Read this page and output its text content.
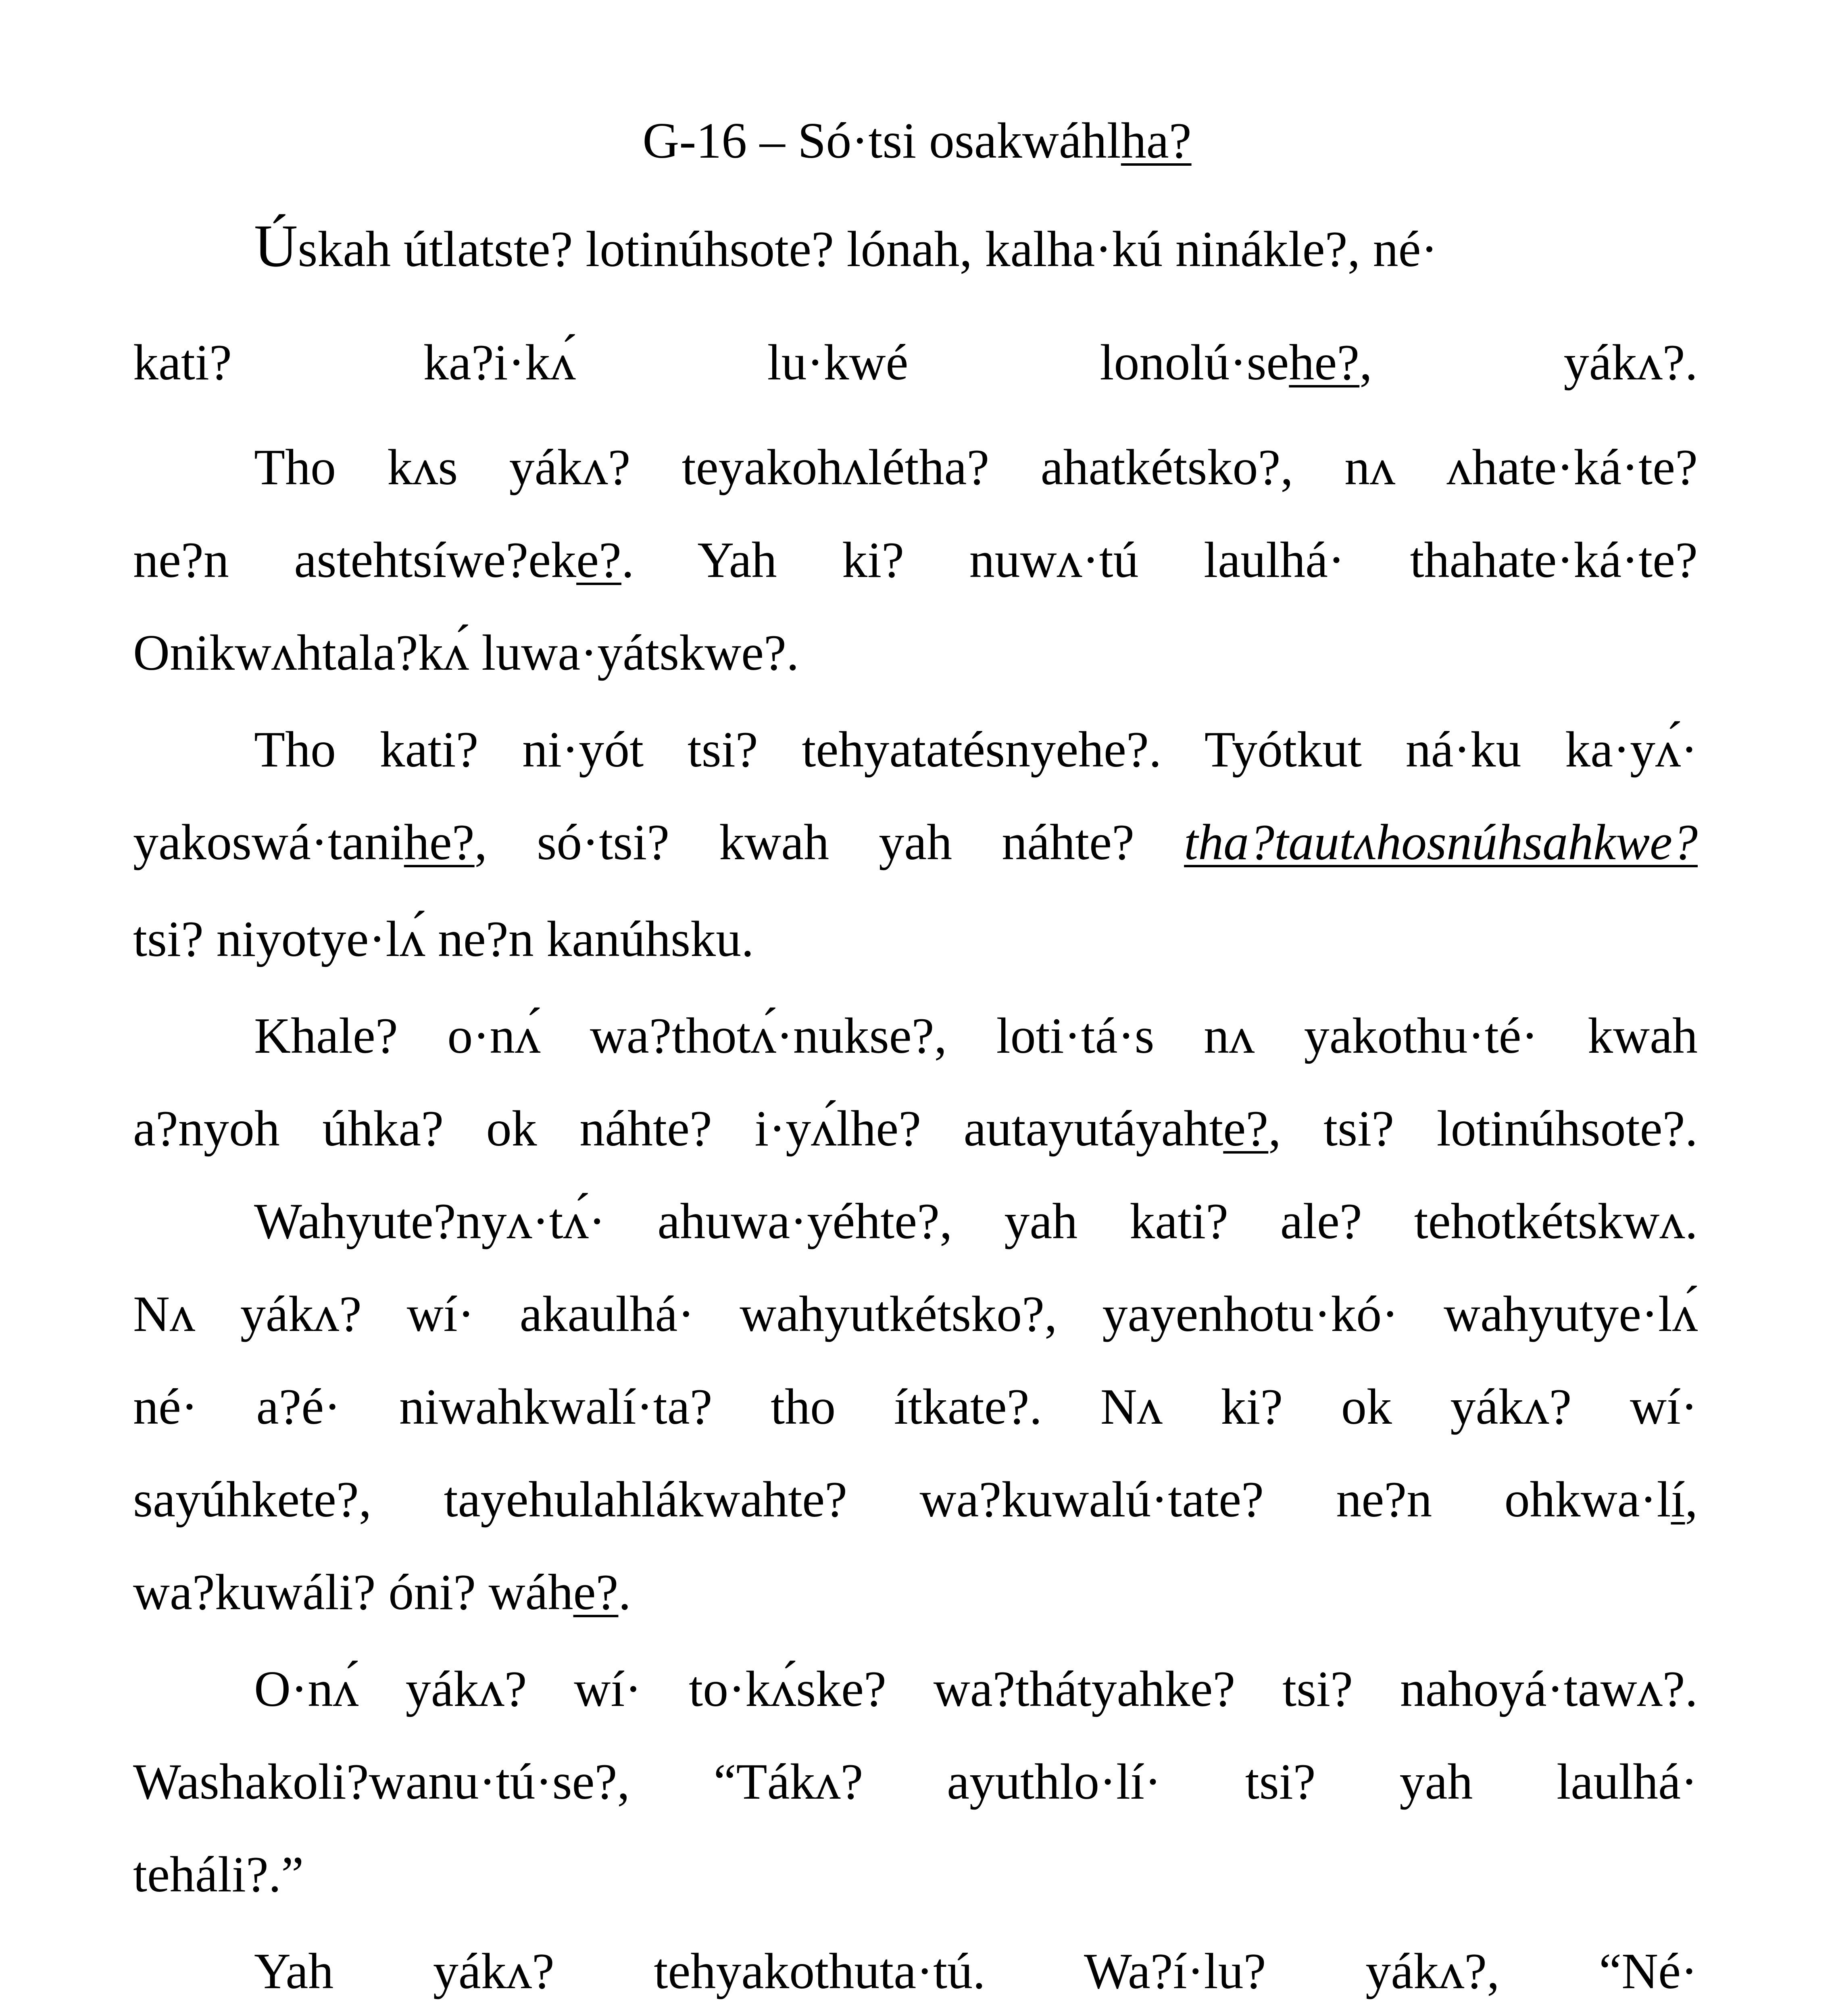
G-16 – Só·tsi osakwáhlha?
Úskah útlatste? lotinúhsote? lónah, kalha·kú ninákle?, né·
kati? ka?i·kʌ́ lu·kwé lonolú·sehe?, yákʌ?.
Tho kʌs yákʌ? teyakohʌlétha? ahatkétsko?, nʌ ʌhate·ká·te?
ne?n astehtsíwe?eke?. Yah ki? nuwʌ·tú laulhá· thahate·ká·te?
Onikwʌhtala?kʌ́ luwa·yátskwe?.
Tho kati? ni·yót tsi? tehyatatésnyehe?. Tyótkut ná·ku ka·yʌ́·
yakoswá·tanihe?, só·tsi? kwah yah náhte? tha?tautʌhosnúhsahkwe?
tsi? niyotye·lʌ́ ne?n kanúhsku.
Khale? o·nʌ́ wa?thotʌ́·nukse?, loti·tá·s nʌ yakothu·té· kwah
a?nyoh úhka? ok náhte? i·yʌ́lhe? autayutáyahte?, tsi? lotinúhsote?.
Wahyute?nyʌ·tʌ́· ahuwa·yéhte?, yah kati? ale? tehotkétskwʌ.
Nʌ yákʌ? wí· akaulhá· wahyutkétsko?, yayenhotu·kó· wahyutye·lʌ́
né· a?é· niwahkwalí·ta? tho ítkate?. Nʌ ki? ok yákʌ? wí·
sayúhkete?, tayehulahlákwahte? wa?kuwalú·tate? ne?n ohkwa·lí,
wa?kuwáli? óni? wáhe?.
O·nʌ́ yákʌ? wí· to·kʌ́ske? wa?thátyahke? tsi? nahoyá·tawʌ?.
Washakoli?wanu·tú·se?, “Tákʌ? ayuthlo·lí· tsi? yah laulhá·
teháli?.”
Yah yákʌ? tehyakothuta·tú. Wa?í·lu? yákʌ?, “Né·
